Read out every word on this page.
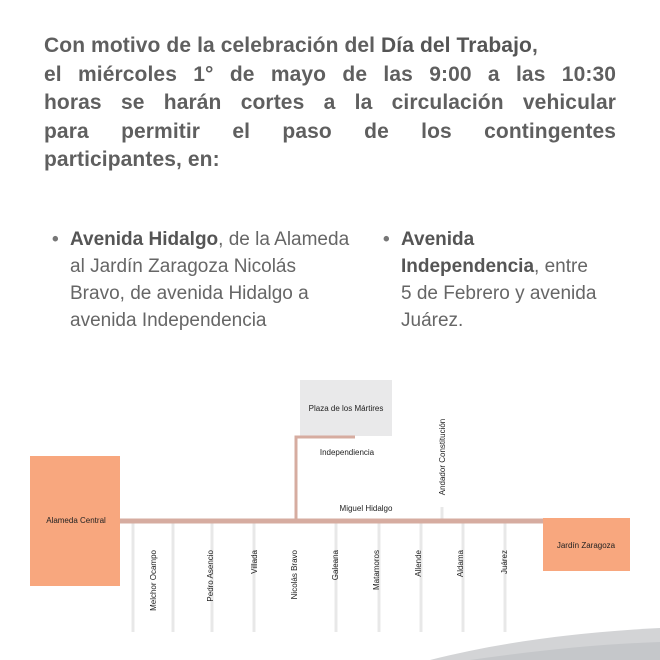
Con motivo de la celebración del Día del Trabajo,
el miércoles 1° de mayo de las 9:00 a las 10:30
horas se harán cortes a la circulación vehicular
para permitir el paso de los contingentes
participantes, en:
• Avenida Hidalgo, de la Alameda al Jardín Zaragoza Nicolás Bravo, de avenida Hidalgo a avenida Independencia
• Avenida Independencia, entre 5 de Febrero y avenida Juárez.
Plaza de los Mártires
Independiencia
Miguel Hidalgo
Alameda Central
Jardín Zaragoza
Andador Constitución
Melchor Ocampo	Pedro Asencio	Villada	Nicolás Bravo	Galeana	Matamoros	Allende	Aldama	Juárez
